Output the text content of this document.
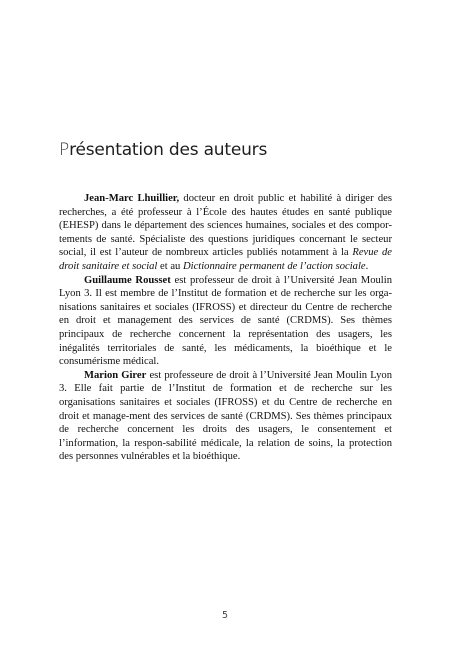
Présentation des auteurs

Jean-Marc Lhuillier, docteur en droit public et habilité à diriger des recherches, a été professeur à l’École des hautes études en santé publique (EHESP) dans le département des sciences humaines, sociales et des compor-tements de santé. Spécialiste des questions juridiques concernant le secteur social, il est l’auteur de nombreux articles publiés notamment à la Revue de droit sanitaire et social et au Dictionnaire permanent de l’action sociale.

Guillaume Rousset est professeur de droit à l’Université Jean Moulin Lyon 3. Il est membre de l’Institut de formation et de recherche sur les orga-nisations sanitaires et sociales (IFROSS) et directeur du Centre de recherche en droit et management des services de santé (CRDMS). Ses thèmes principaux de recherche concernent la représentation des usagers, les inégalités territoriales de santé, les médicaments, la bioéthique et le consumérisme médical.

Marion Girer est professeure de droit à l’Université Jean Moulin Lyon 3. Elle fait partie de l’Institut de formation et de recherche sur les organisations sanitaires et sociales (IFROSS) et du Centre de recherche en droit et manage-ment des services de santé (CRDMS). Ses thèmes principaux de recherche concernent les droits des usagers, le consentement et l’information, la respon-sabilité médicale, la relation de soins, la protection des personnes vulnérables et la bioéthique.

5
